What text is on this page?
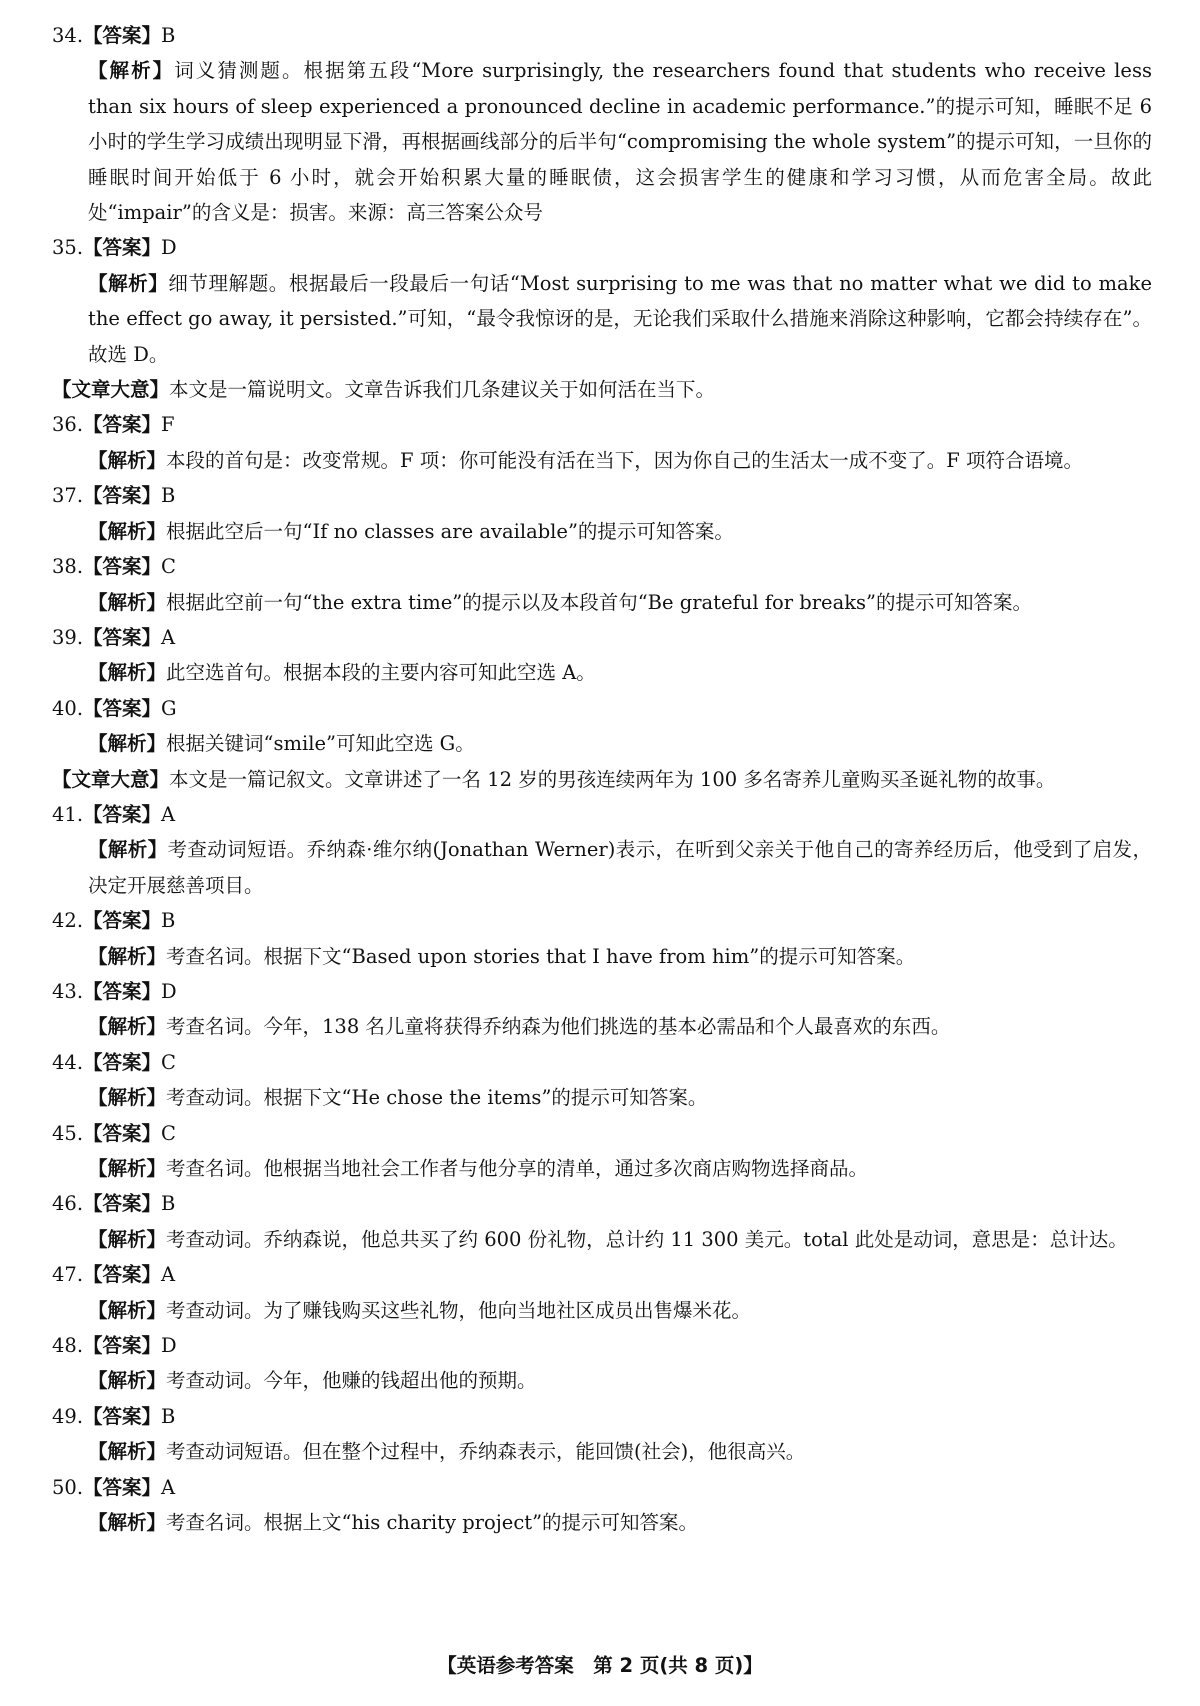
34.【答案】B
【解析】词义猜测题。根据第五段“More surprisingly, the researchers found that students who receive less than six hours of sleep experienced a pronounced decline in academic performance.”的提示可知，睡眠不足 6 小时的学生学习成绩出现明显下滑，再根据画线部分的后半句“compromising the whole system”的提示可知，一旦你的睡眠时间开始低于 6 小时，就会开始积累大量的睡眠债，这会损害学生的健康和学习习惯，从而危害全局。故此处“impair”的含义是：损害。来源：高三答案公众号
35.【答案】D
【解析】细节理解题。根据最后一段最后一句话“Most surprising to me was that no matter what we did to make the effect go away, it persisted.”可知，“最令我惊讶的是，无论我们采取什么措施来消除这种影响，它都会持续存在”。故选 D。
【文章大意】本文是一篇说明文。文章告诉我们几条建议关于如何活在当下。
36.【答案】F
【解析】本段的首句是：改变常规。F 项：你可能没有活在当下，因为你自己的生活太一成不变了。F 项符合语境。
37.【答案】B
【解析】根据此空后一句“If no classes are available”的提示可知答案。
38.【答案】C
【解析】根据此空前一句“the extra time”的提示以及本段首句“Be grateful for breaks”的提示可知答案。
39.【答案】A
【解析】此空选首句。根据本段的主要内容可知此空选 A。
40.【答案】G
【解析】根据关键词“smile”可知此空选 G。
【文章大意】本文是一篇记叙文。文章讲述了一名 12 岁的男孩连续两年为 100 多名寄养儿童购买圣诞礼物的故事。
41.【答案】A
【解析】考查动词短语。乔纳森·维尔纳(Jonathan Werner)表示，在听到父亲关于他自己的寄养经历后，他受到了启发，决定开展慈善项目。
42.【答案】B
【解析】考查名词。根据下文“Based upon stories that I have from him”的提示可知答案。
43.【答案】D
【解析】考查名词。今年，138 名儿童将获得乔纳森为他们挑选的基本必需品和个人最喜欢的东西。
44.【答案】C
【解析】考查动词。根据下文“He chose the items”的提示可知答案。
45.【答案】C
【解析】考查名词。他根据当地社会工作者与他分享的清单，通过多次商店购物选择商品。
46.【答案】B
【解析】考查动词。乔纳森说，他总共买了约 600 份礼物，总计约 11 300 美元。total 此处是动词，意思是：总计达。
47.【答案】A
【解析】考查动词。为了赚钱购买这些礼物，他向当地社区成员出售爆米花。
48.【答案】D
【解析】考查动词。今年，他赚的钱超出他的预期。
49.【答案】B
【解析】考查动词短语。但在整个过程中，乔纳森表示，能回馈(社会)，他很高兴。
50.【答案】A
【解析】考查名词。根据上文“his charity project”的提示可知答案。
【英语参考答案　第 2 页(共 8 页)】
